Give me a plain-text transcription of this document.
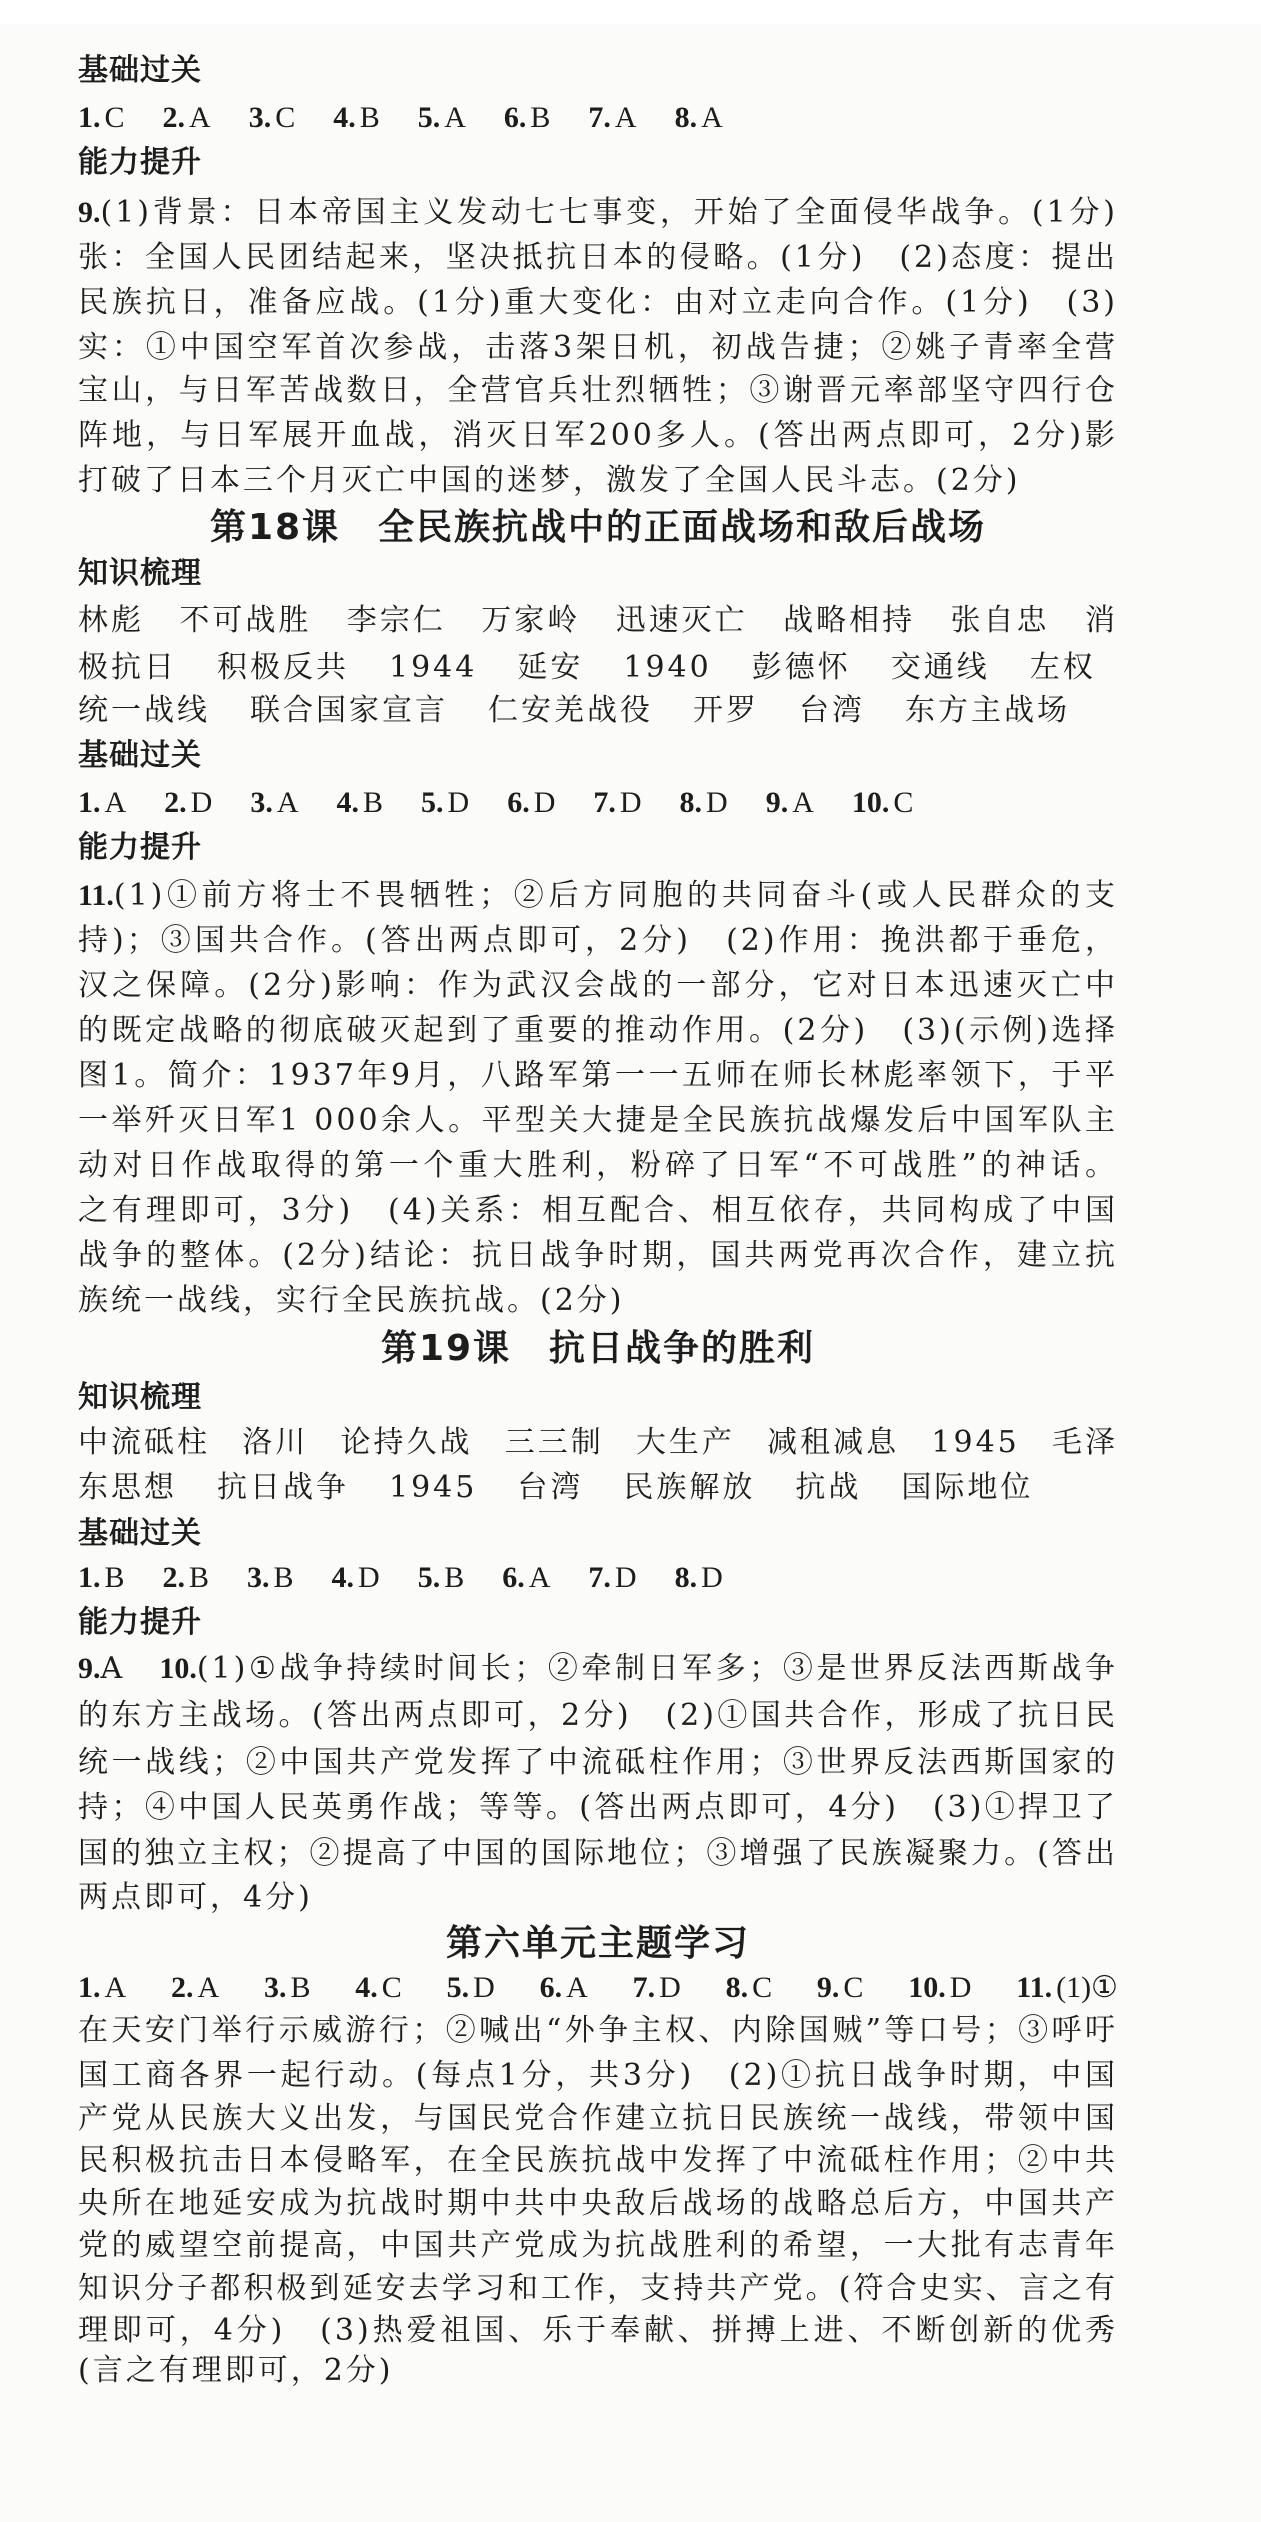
基础过关
1. C 2. A 3. C 4. B 5. A 6. B 7. A 8. A
能力提升
9.(1)背景：日本帝国主义发动七七事变，开始了全面侵华战争。(1分)
张：全国人民团结起来，坚决抵抗日本的侵略。(1分)　(2)态度：提出
民族抗日，准备应战。(1分)重大变化：由对立走向合作。(1分)　(3)
实：①中国空军首次参战，击落3架日机，初战告捷；②姚子青率全营
宝山，与日军苦战数日，全营官兵壮烈牺牲；③谢晋元率部坚守四行仓
阵地，与日军展开血战，消灭日军200多人。(答出两点即可，2分)影
打破了日本三个月灭亡中国的迷梦，激发了全国人民斗志。(2分)
第18课　全民族抗战中的正面战场和敌后战场
知识梳理
林彪 不可战胜 李宗仁 万家岭 迅速灭亡 战略相持 张自忠 消
极抗日 积极反共 1944 延安 1940 彭德怀 交通线 左权
统一战线 联合国家宣言 仁安羌战役 开罗 台湾 东方主战场
基础过关
1. A 2. D 3. A 4. B 5. D 6. D 7. D 8. D 9. A 10. C
能力提升
11.(1)①前方将士不畏牺牲；②后方同胞的共同奋斗(或人民群众的支
持)；③国共合作。(答出两点即可，2分)　(2)作用：挽洪都于垂危，
汉之保障。(2分)影响：作为武汉会战的一部分，它对日本迅速灭亡中
的既定战略的彻底破灭起到了重要的推动作用。(2分)　(3)(示例)选择
图1。简介：1937年9月，八路军第一一五师在师长林彪率领下，于平
一举歼灭日军1 000余人。平型关大捷是全民族抗战爆发后中国军队主
动对日作战取得的第一个重大胜利，粉碎了日军“不可战胜”的神话。
之有理即可，3分)　(4)关系：相互配合、相互依存，共同构成了中国
战争的整体。(2分)结论：抗日战争时期，国共两党再次合作，建立抗
族统一战线，实行全民族抗战。(2分)
第19课　抗日战争的胜利
知识梳理
中流砥柱 洛川 论持久战 三三制 大生产 减租减息 1945 毛泽
东思想 抗日战争 1945 台湾 民族解放 抗战 国际地位
基础过关
1. B 2. B 3. B 4. D 5. B 6. A 7. D 8. D
能力提升
9.A　10.(1)①战争持续时间长；②牵制日军多；③是世界反法西斯战争
的东方主战场。(答出两点即可，2分)　(2)①国共合作，形成了抗日民
统一战线；②中国共产党发挥了中流砥柱作用；③世界反法西斯国家的
持；④中国人民英勇作战；等等。(答出两点即可，4分)　(3)①捍卫了
国的独立主权；②提高了中国的国际地位；③增强了民族凝聚力。(答出
两点即可，4分)
第六单元主题学习
1. A 2. A 3. B 4. C 5. D 6. A 7. D 8. C 9. C 10. D 11. (1)①
在天安门举行示威游行；②喊出“外争主权、内除国贼”等口号；③呼吁
国工商各界一起行动。(每点1分，共3分)　(2)①抗日战争时期，中国
产党从民族大义出发，与国民党合作建立抗日民族统一战线，带领中国
民积极抗击日本侵略军，在全民族抗战中发挥了中流砥柱作用；②中共
央所在地延安成为抗战时期中共中央敌后战场的战略总后方，中国共产
党的威望空前提高，中国共产党成为抗战胜利的希望，一大批有志青年
知识分子都积极到延安去学习和工作，支持共产党。(符合史实、言之有
理即可，4分)　(3)热爱祖国、乐于奉献、拼搏上进、不断创新的优秀
(言之有理即可，2分)
